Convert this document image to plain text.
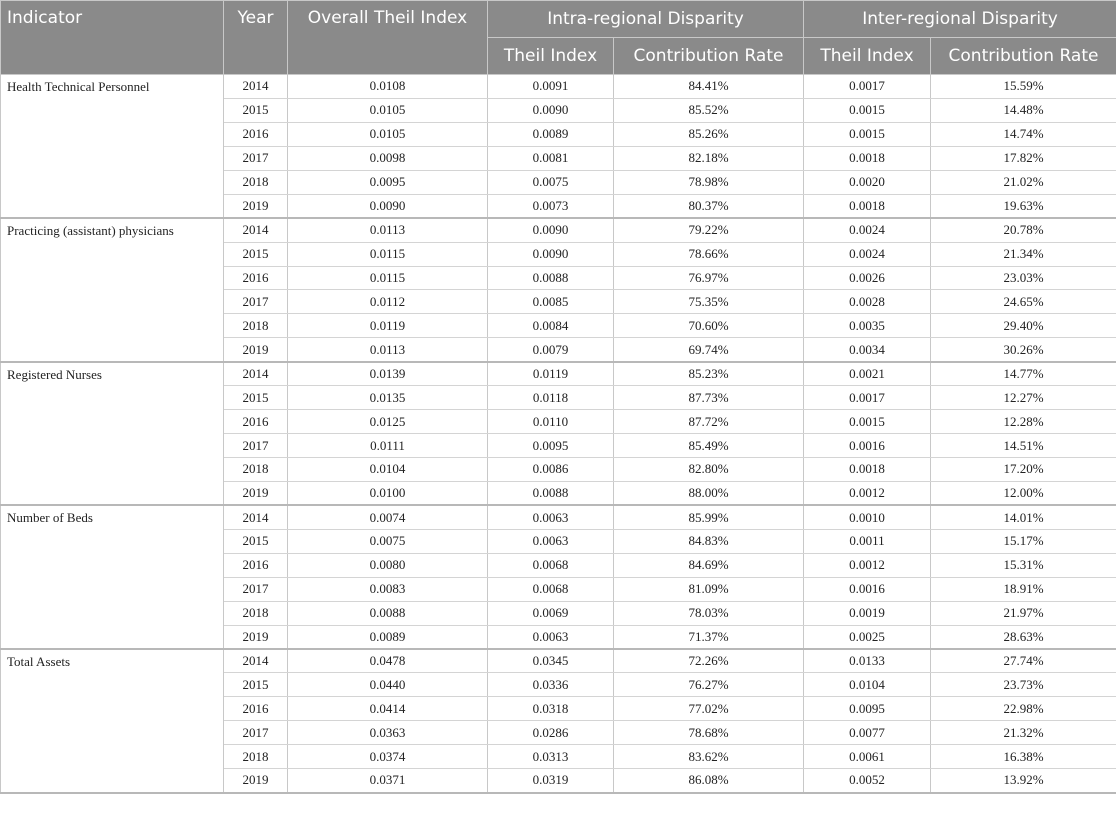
Indicator	Year	Overall Theil Index	Intra-regional Disparity		Inter-regional Disparity	
			Theil Index	Contribution Rate	Theil Index	Contribution Rate
Health Technical Personnel	2014	0.0108	0.0091	84.41%	0.0017	15.59%
	2015	0.0105	0.0090	85.52%	0.0015	14.48%
	2016	0.0105	0.0089	85.26%	0.0015	14.74%
	2017	0.0098	0.0081	82.18%	0.0018	17.82%
	2018	0.0095	0.0075	78.98%	0.0020	21.02%
	2019	0.0090	0.0073	80.37%	0.0018	19.63%
Practicing (assistant) physicians	2014	0.0113	0.0090	79.22%	0.0024	20.78%
	2015	0.0115	0.0090	78.66%	0.0024	21.34%
	2016	0.0115	0.0088	76.97%	0.0026	23.03%
	2017	0.0112	0.0085	75.35%	0.0028	24.65%
	2018	0.0119	0.0084	70.60%	0.0035	29.40%
	2019	0.0113	0.0079	69.74%	0.0034	30.26%
Registered Nurses	2014	0.0139	0.0119	85.23%	0.0021	14.77%
	2015	0.0135	0.0118	87.73%	0.0017	12.27%
	2016	0.0125	0.0110	87.72%	0.0015	12.28%
	2017	0.0111	0.0095	85.49%	0.0016	14.51%
	2018	0.0104	0.0086	82.80%	0.0018	17.20%
	2019	0.0100	0.0088	88.00%	0.0012	12.00%
Number of Beds	2014	0.0074	0.0063	85.99%	0.0010	14.01%
	2015	0.0075	0.0063	84.83%	0.0011	15.17%
	2016	0.0080	0.0068	84.69%	0.0012	15.31%
	2017	0.0083	0.0068	81.09%	0.0016	18.91%
	2018	0.0088	0.0069	78.03%	0.0019	21.97%
	2019	0.0089	0.0063	71.37%	0.0025	28.63%
Total Assets	2014	0.0478	0.0345	72.26%	0.0133	27.74%
	2015	0.0440	0.0336	76.27%	0.0104	23.73%
	2016	0.0414	0.0318	77.02%	0.0095	22.98%
	2017	0.0363	0.0286	78.68%	0.0077	21.32%
	2018	0.0374	0.0313	83.62%	0.0061	16.38%
	2019	0.0371	0.0319	86.08%	0.0052	13.92%
